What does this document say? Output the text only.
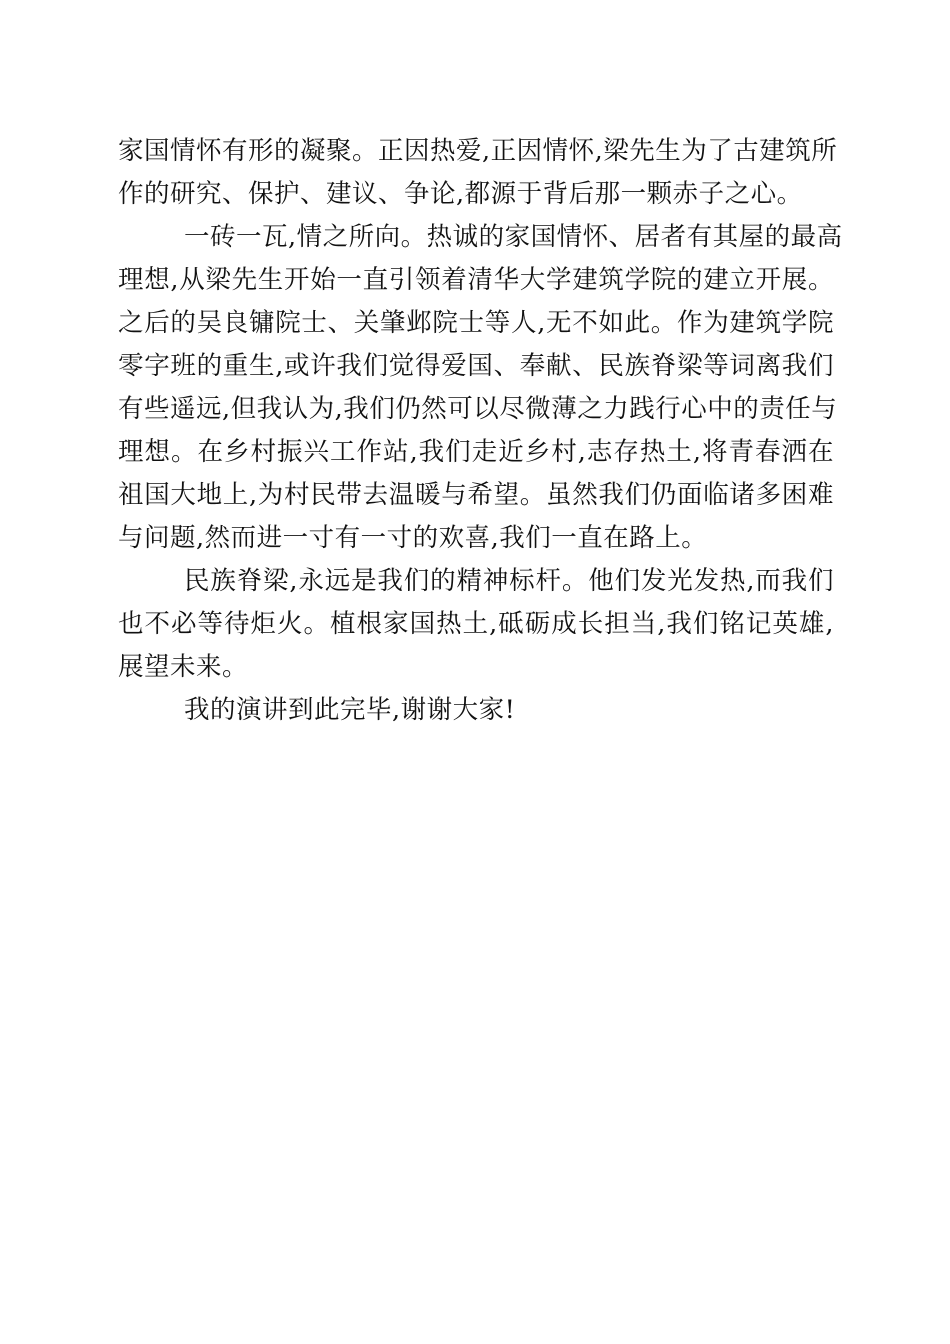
家国情怀有形的凝聚。正因热爱,正因情怀,梁先生为了古建筑所
作的研究、保护、建议、争论,都源于背后那一颗赤子之心。
一砖一瓦,情之所向。热诚的家国情怀、居者有其屋的最高
理想,从梁先生开始一直引领着清华大学建筑学院的建立开展。
之后的吴良镛院士、关肇邺院士等人,无不如此。作为建筑学院
零字班的重生,或许我们觉得爱国、奉献、民族脊梁等词离我们
有些遥远,但我认为,我们仍然可以尽微薄之力践行心中的责任与
理想。在乡村振兴工作站,我们走近乡村,志存热土,将青春洒在
祖国大地上,为村民带去温暖与希望。虽然我们仍面临诸多困难
与问题,然而进一寸有一寸的欢喜,我们一直在路上。
民族脊梁,永远是我们的精神标杆。他们发光发热,而我们
也不必等待炬火。植根家国热土,砥砺成长担当,我们铭记英雄,
展望未来。
我的演讲到此完毕,谢谢大家!
